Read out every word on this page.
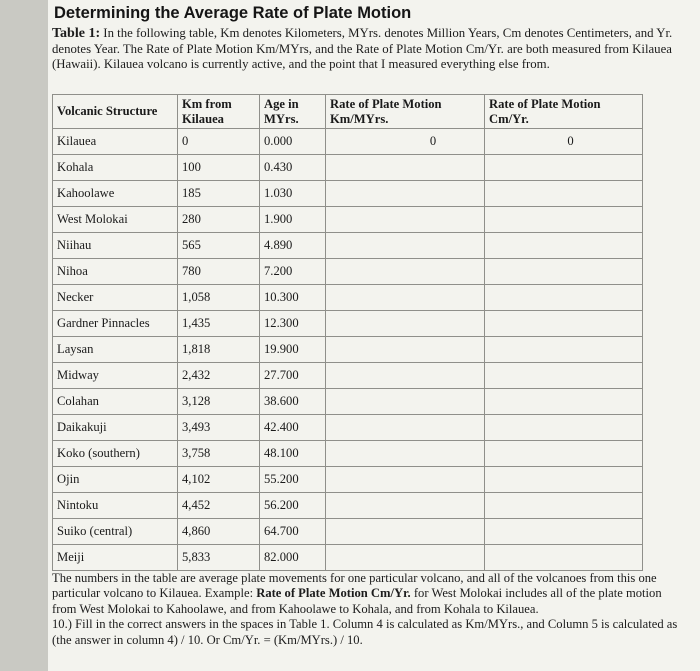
Determining the Average Rate of Plate Motion
Table 1: In the following table, Km denotes Kilometers, MYrs. denotes Million Years, Cm denotes Centimeters, and Yr. denotes Year. The Rate of Plate Motion Km/MYrs, and the Rate of Plate Motion Cm/Yr. are both measured from Kilauea (Hawaii). Kilauea volcano is currently active, and the point that I measured everything else from.
Volcanic Structure	Km from Kilauea	Age in MYrs.	Rate of Plate Motion Km/MYrs.	Rate of Plate Motion Cm/Yr.
Kilauea	0	0.000	0	0
Kohala	100	0.430		
Kahoolawe	185	1.030		
West Molokai	280	1.900		
Niihau	565	4.890		
Nihoa	780	7.200		
Necker	1,058	10.300		
Gardner Pinnacles	1,435	12.300		
Laysan	1,818	19.900		
Midway	2,432	27.700		
Colahan	3,128	38.600		
Daikakuji	3,493	42.400		
Koko (southern)	3,758	48.100		
Ojin	4,102	55.200		
Nintoku	4,452	56.200		
Suiko (central)	4,860	64.700		
Meiji	5,833	82.000		

The numbers in the table are average plate movements for one particular volcano, and all of the volcanoes from this one particular volcano to Kilauea. Example: Rate of Plate Motion Cm/Yr. for West Molokai includes all of the plate motion from West Molokai to Kahoolawe, and from Kahoolawe to Kohala, and from Kohala to Kilauea.

10.) Fill in the correct answers in the spaces in Table 1. Column 4 is calculated as Km/MYrs., and Column 5 is calculated as (the answer in column 4) / 10. Or Cm/Yr. = (Km/MYrs.) / 10.
